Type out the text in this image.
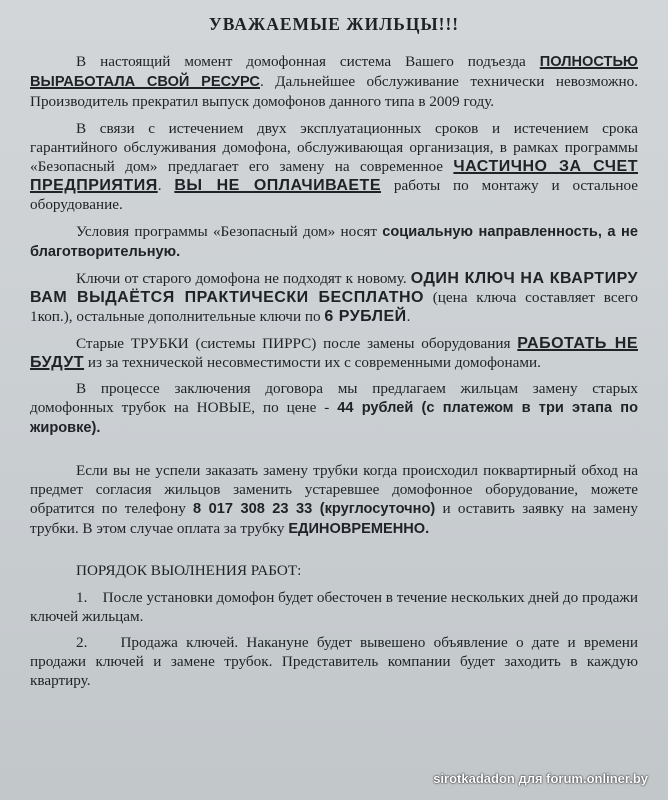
УВАЖАЕМЫЕ ЖИЛЬЦЫ!!!

В настоящий момент домофонная система Вашего подъезда ПОЛНОСТЬЮ ВЫРАБОТАЛА СВОЙ РЕСУРС. Дальнейшее обслуживание технически невозможно. Производитель прекратил выпуск домофонов данного типа в 2009 году.

В связи с истечением двух эксплуатационных сроков и истечением срока гарантийного обслуживания домофона, обслуживающая организация, в рамках программы «Безопасный дом» предлагает его замену на современное ЧАСТИЧНО ЗА СЧЕТ ПРЕДПРИЯТИЯ. ВЫ НЕ ОПЛАЧИВАЕТЕ работы по монтажу и остальное оборудование.

Условия программы «Безопасный дом» носят социальную направленность, а не благотворительную.

Ключи от старого домофона не подходят к новому. ОДИН КЛЮЧ НА КВАРТИРУ ВАМ ВЫДАЁТСЯ ПРАКТИЧЕСКИ БЕСПЛАТНО (цена ключа составляет всего 1коп.), остальные дополнительные ключи по 6 РУБЛЕЙ.

Старые ТРУБКИ (системы ПИРРС) после замены оборудования РАБОТАТЬ НЕ БУДУТ из за технической несовместимости их с современными домофонами.

В процессе заключения договора мы предлагаем жильцам замену старых домофонных трубок на НОВЫЕ, по цене - 44 рублей (с платежом в три этапа по жировке).

Если вы не успели заказать замену трубки когда происходил поквартирный обход на предмет согласия жильцов заменить устаревшее домофонное оборудование, можете обратится по телефону 8 017 308 23 33 (круглосуточно) и оставить заявку на замену трубки. В этом случае оплата за трубку ЕДИНОВРЕМЕННО.

ПОРЯДОК ВЫОЛНЕНИЯ РАБОТ:

1. После установки домофон будет обесточен в течение нескольких дней до продажи ключей жильцам.

2. Продажа ключей. Накануне будет вывешено объявление о дате и времени продажи ключей и замене трубок. Представитель компании будет заходить в каждую квартиру.

sirotkadadon для forum.onliner.by
